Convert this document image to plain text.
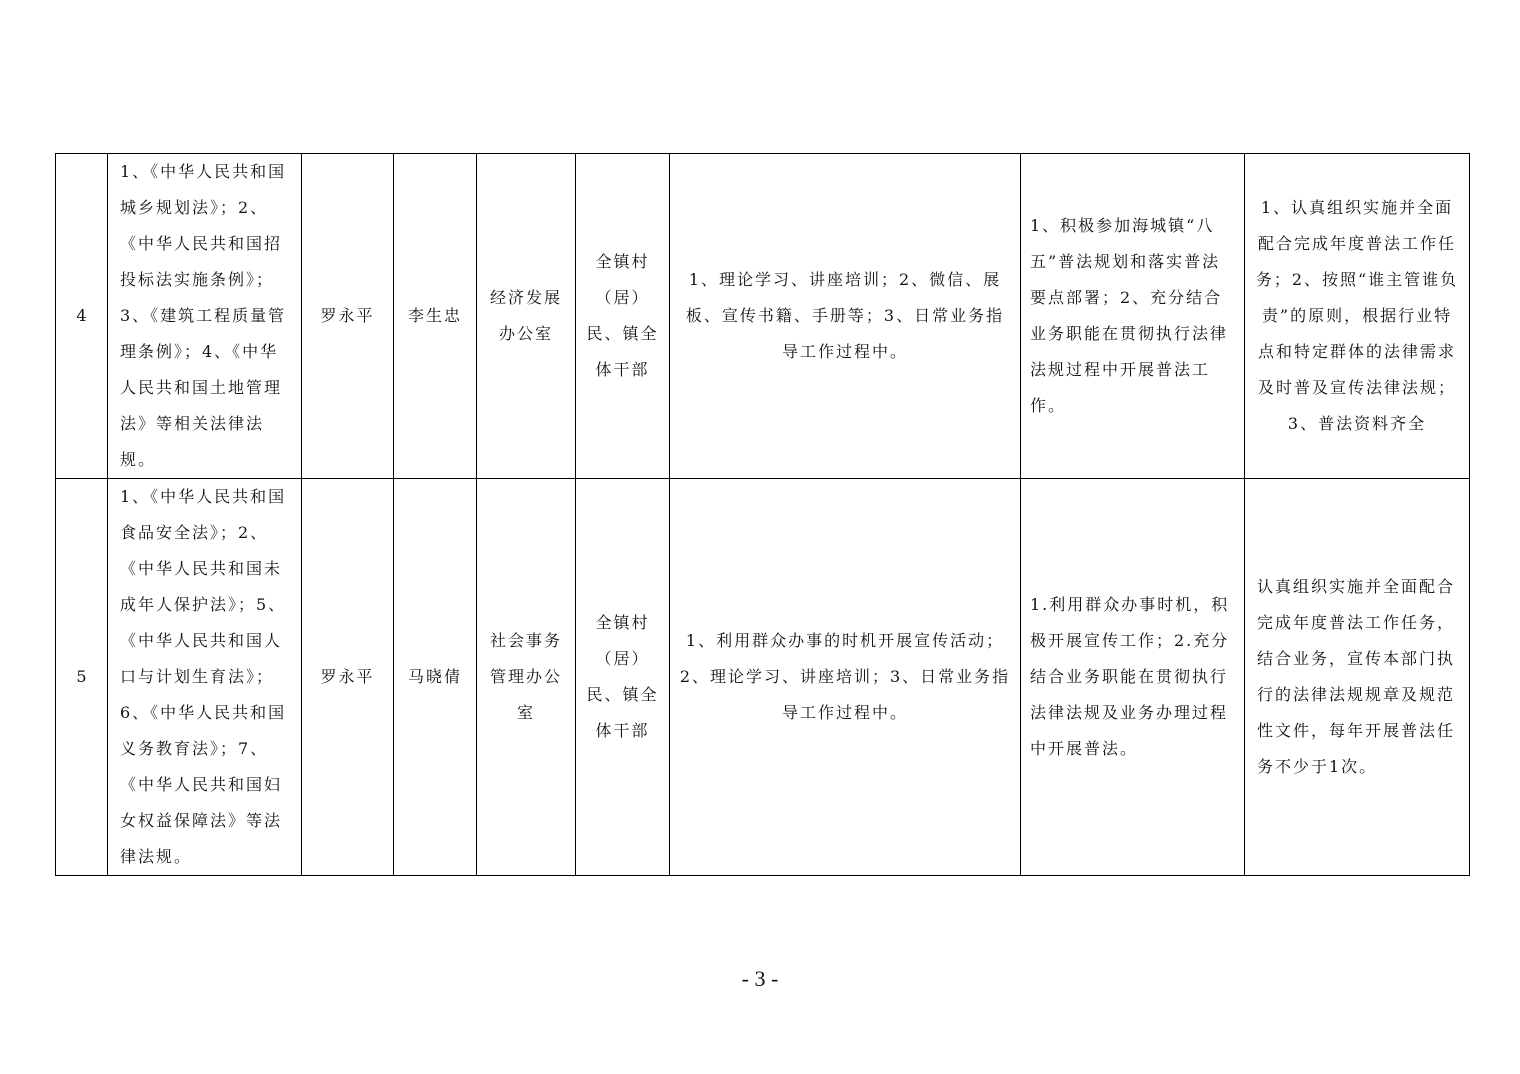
4	1、《中华人民共和国城乡规划法》；2、《中华人民共和国招投标法实施条例》；3、《建筑工程质量管理条例》；4、《中华人民共和国土地管理法》等相关法律法规。	罗永平	李生忠	经济发展办公室	全镇村（居）民、镇全体干部	1、理论学习、讲座培训；2、微信、展板、宣传书籍、手册等；3、日常业务指导工作过程中。	1、积极参加海城镇“八五”普法规划和落实普法要点部署；2、充分结合业务职能在贯彻执行法律法规过程中开展普法工作。	1、认真组织实施并全面配合完成年度普法工作任务；2、按照“谁主管谁负责”的原则，根据行业特点和特定群体的法律需求及时普及宣传法律法规；3、普法资料齐全

5	1、《中华人民共和国食品安全法》；2、《中华人民共和国未成年人保护法》；5、《中华人民共和国人口与计划生育法》；6、《中华人民共和国义务教育法》；7、《中华人民共和国妇女权益保障法》等法律法规。	罗永平	马晓倩	社会事务管理办公室	全镇村（居）民、镇全体干部	1、利用群众办事的时机开展宣传活动；2、理论学习、讲座培训；3、日常业务指导工作过程中。	1.利用群众办事时机，积极开展宣传工作；2.充分结合业务职能在贯彻执行法律法规及业务办理过程中开展普法。	认真组织实施并全面配合完成年度普法工作任务，结合业务，宣传本部门执行的法律法规规章及规范性文件，每年开展普法任务不少于1次。
- 3 -
